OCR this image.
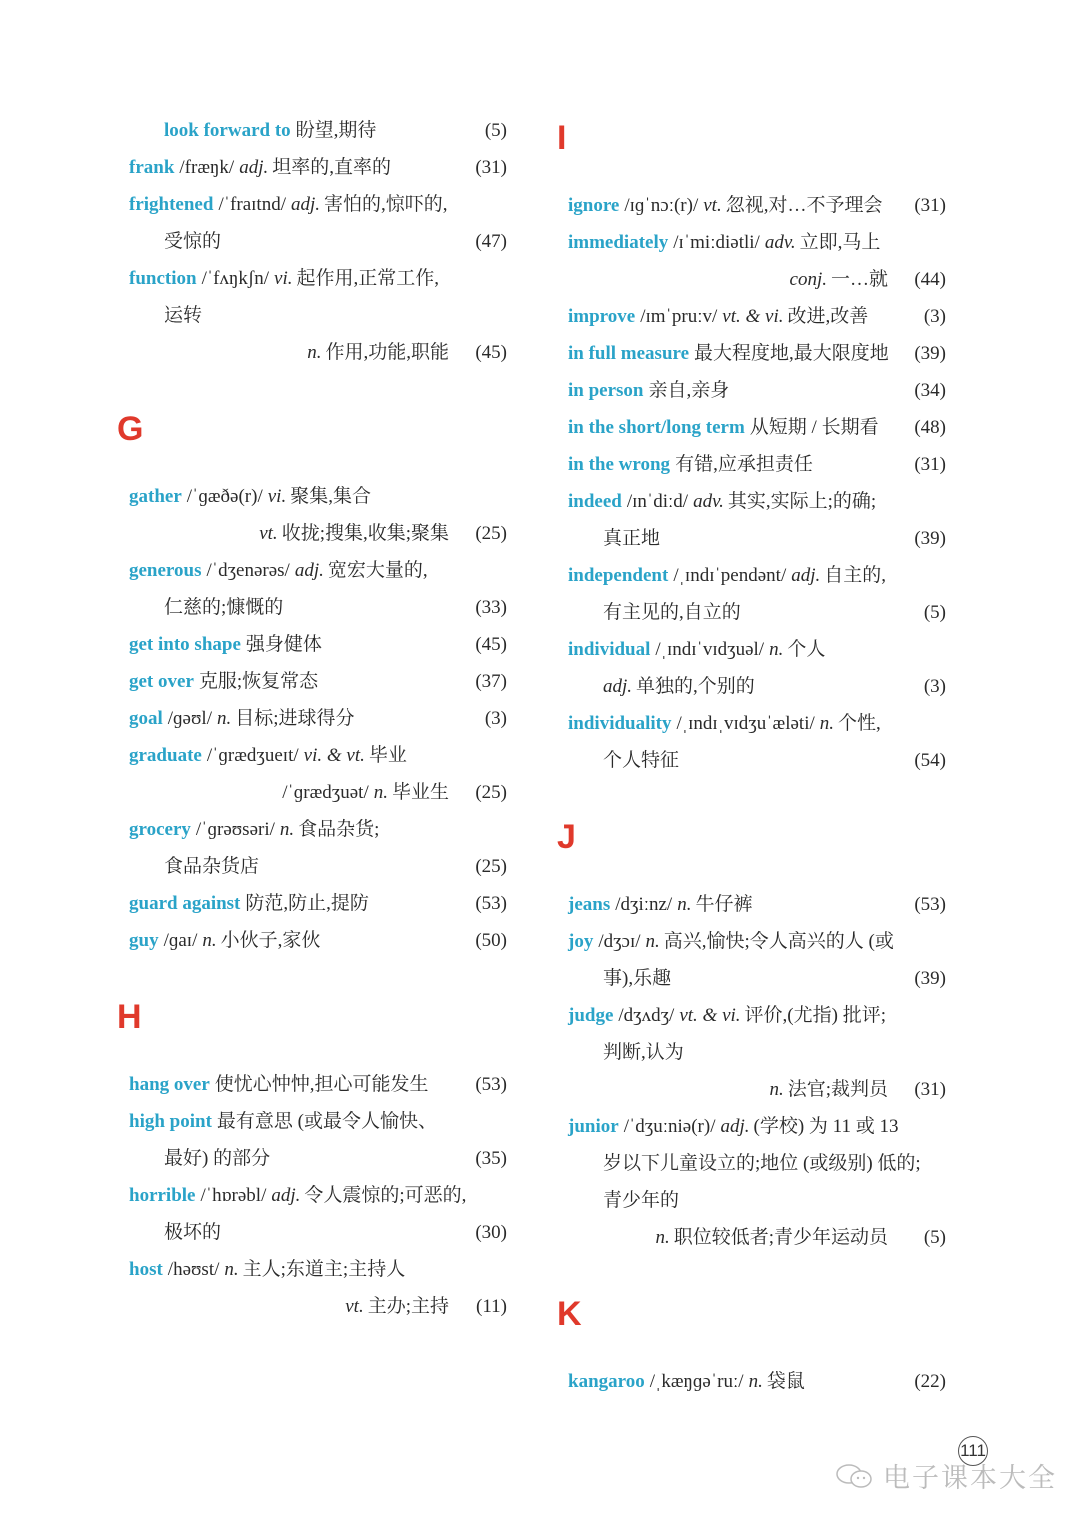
look forward to 盼望,期待	(5)
frank /fræŋk/ adj. 坦率的,直率的	(31)
frightened /ˈfraɪtnd/ adj. 害怕的,惊吓的,
受惊的	(47)
function /ˈfʌŋkʃn/ vi. 起作用,正常工作,
运转
n. 作用,功能,职能 (45)
G
gather /ˈɡæðə(r)/ vi. 聚集,集合
vt. 收拢;搜集,收集;聚集 (25)
generous /ˈdʒenərəs/ adj. 宽宏大量的,
仁慈的;慷慨的	(33)
get into shape 强身健体	(45)
get over 克服;恢复常态	(37)
goal /ɡəʊl/ n. 目标;进球得分	(3)
graduate /ˈɡrædʒueɪt/ vi. & vt. 毕业
/ˈɡrædʒuət/ n. 毕业生 (25)
grocery /ˈɡrəʊsəri/ n. 食品杂货;
食品杂货店	(25)
guard against 防范,防止,提防	(53)
guy /ɡaɪ/ n. 小伙子,家伙	(50)
H
hang over 使忧心忡忡,担心可能发生 (53)
high point 最有意思 (或最令人愉快、
最好) 的部分	(35)
horrible /ˈhɒrəbl/ adj. 令人震惊的;可恶的,
极坏的	(30)
host /həʊst/ n. 主人;东道主;主持人
vt. 主办;主持 (11)
I
ignore /ɪɡˈnɔː(r)/ vt. 忽视,对…不予理会 (31)
immediately /ɪˈmiːdiətli/ adv. 立即,马上
conj. 一…就 (44)
improve /ɪmˈpruːv/ vt. & vi. 改进,改善	(3)
in full measure 最大程度地,最大限度地 (39)
in person 亲自,亲身	(34)
in the short/long term 从短期 / 长期看 (48)
in the wrong 有错,应承担责任	(31)
indeed /ɪnˈdiːd/ adv. 其实,实际上;的确;
真正地	(39)
independent /ˌɪndɪˈpendənt/ adj. 自主的,
有主见的,自立的	(5)
individual /ˌɪndɪˈvɪdʒuəl/ n. 个人
adj. 单独的,个别的	(3)
individuality /ˌɪndɪˌvɪdʒuˈæləti/ n. 个性,
个人特征	(54)
J
jeans /dʒiːnz/ n. 牛仔裤	(53)
joy /dʒɔɪ/ n. 高兴,愉快;令人高兴的人 (或
事),乐趣	(39)
judge /dʒʌdʒ/ vt. & vi. 评价,(尤指) 批评;
判断,认为
n. 法官;裁判员 (31)
junior /ˈdʒuːniə(r)/ adj. (学校) 为 11 或 13
岁以下儿童设立的;地位 (或级别) 低的;
青少年的
n. 职位较低者;青少年运动员 (5)
K
kangaroo /ˌkæŋɡəˈruː/ n. 袋鼠	(22)
111
电子课本大全
